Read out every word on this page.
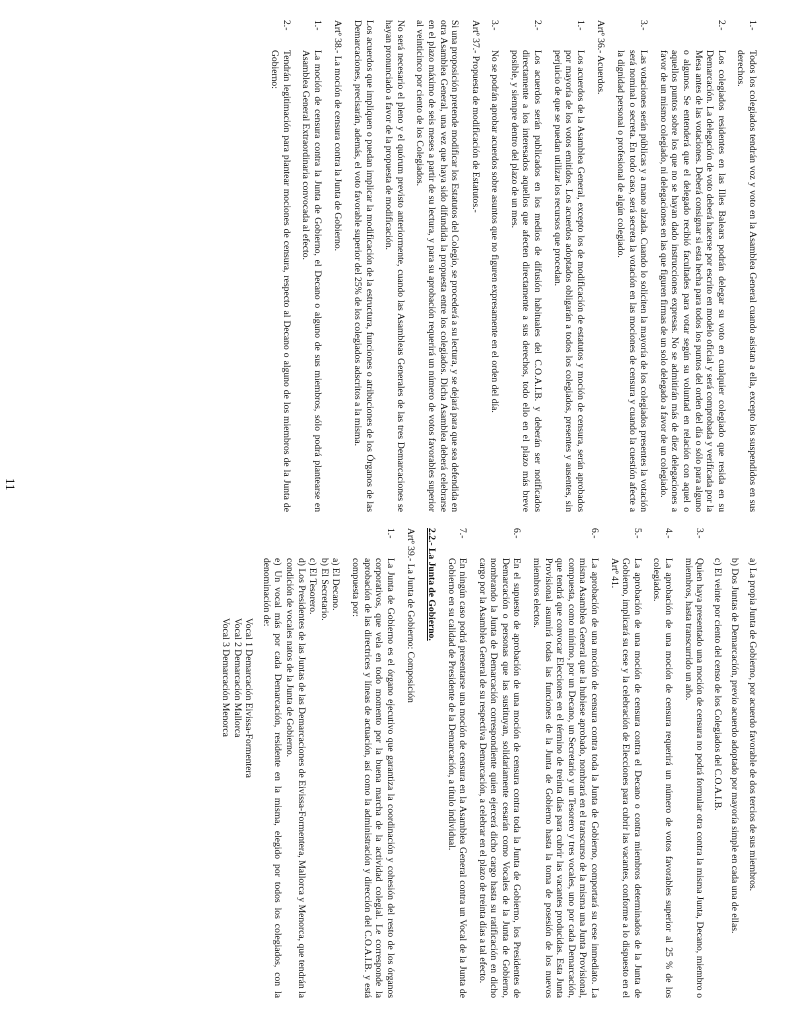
1.-
Todos los colegiados tendrán voz y voto en la Asamblea General cuando asistan a ella, excepto los suspendidos en sus derechos.
2.-
Los colegiados residentes en las Illes Balears podrán delegar su voto en cualquier colegiado que resida en su Demarcación. La delegación de voto deberá hacerse por escrito en modelo oficial y será comprobada y verificada por la Mesa antes de las votaciones. Deberá consignar si esta hecha para todos los puntos del orden del día o sólo para alguno o algunos. Se entenderá que el delegado recibió facultades para votar según su voluntad en relación con aquel o aquellos puntos sobre los que no se hayan dado instrucciones expresas. No se admitirán más de diez delegaciones a favor de un mismo colegiado, ni delegaciones en las que figuren firmas de un solo delegado a favor de un colegiado.
3.-
Las votaciones serán públicas y a mano alzada. Cuando lo soliciten la mayoría de los colegiados presentes la votación será nominal o secreta. En todo caso, será secreta la votación en las mociones de censura y cuando la cuestión afecte a la dignidad personal o profesional de algún colegiado.
Artº 36.- Acuerdos.
1.-
Los acuerdos de la Asamblea General, excepto los de modificación de estatutos y moción de censura, serán aprobados por mayoría de los votos emitidos. Los acuerdos adoptados obligarán a todos los colegiados, presentes y ausentes, sin perjuicio de que se puedan utilizar los recursos que procedan.
2.-
Los acuerdos serán publicados en los medios de difusión habituales del C.O.A.I.B. y deberán ser notificados directamente a los interesados aquellos que afecten directamente a sus derechos, todo ello en el plazo más breve posible, y siempre dentro del plazo de un mes.
3.-
No se podrán aprobar acuerdos sobre asuntos que no figuren expresamente en el orden del día.
Artº 37.- Propuesta de modificación de Estatutos.-
Si una proposición pretende modificar los Estatutos del Colegio, se procederá a su lectura, y se dejará para que sea defendida en otra Asamblea General, una vez que haya sido difundida la propuesta entre los colegiados. Dicha Asamblea deberá celebrarse en el plazo máximo de seis meses a partir de su lectura, y para su aprobación requerirá un número de votos favorables superior al veinticinco por ciento de los Colegiados.
No será necesario el pleno y el quórum previsto anteriormente, cuando las Asambleas Generales de las tres Demarcaciones se hayan pronunciado a favor de la propuesta de modificación.
Los acuerdos que impliquen o puedan implicar la modificación de la estructura, funciones o atribuciones de los Órganos de las Demarcaciones, precisarán, además, el voto favorable superior del 25% de los colegiados adscritos a la misma.
Artº 38.- La moción de censura contra la Junta de Gobierno.
1.-
La moción de censura contra la Junta de Gobierno, el Decano o alguno de sus miembros, sólo podrá plantearse en Asamblea General Extraordinaria convocada al efecto.
2.-
Tendrán legitimación para plantear mociones de censura, respecto al Decano o alguno de los miembros de la Junta de Gobierno:
a) La propia Junta de Gobierno, por acuerdo favorable de dos tercios de sus miembros.
b) Dos Juntas de Demarcación, previo acuerdo adoptado por mayoría simple en cada una de ellas.
c) El veinte por ciento del censo de los Colegiados del C.O.A.I.B.
3.-
Quien haya presentado una moción de censura no podrá formular otra contra la misma Junta, Decano, miembro o miembros, hasta transcurrido un año.
4.-
La aprobación de una moción de censura requerirá un número de votos favorables superior al 25 % de los colegiados.
5.-
La aprobación de una moción de censura contra el Decano o contra miembros determinados de la Junta de Gobierno, implicará su cese y la celebración de Elecciones para cubrir las vacantes, conforme a lo dispuesto en el Artº 41.
6.-
La aprobación de una moción de censura contra toda la Junta de Gobierno, comportará su cese inmediato. La misma Asamblea General que la hubiese aprobado, nombrará en el transcurso de la misma una Junta Provisional, compuesta, como mínimo, por un Decano, un Secretario y un Tesorero y tres vocales, uno por cada Demarcación, que tendrá que convocar Elecciones en el término de treinta días para cubrir las vacantes producidas. Esta Junta Provisional asumirá todas las funciones de la Junta de Gobierno hasta la toma de posesión de los nuevos miembros electos.
6.-
En el supuesto de aprobación de una moción de censura contra toda la Junta de Gobierno, los Presidentes de Demarcación o personas que las sustituyan, solidariamente cesarán como Vocales de la Junta de Gobierno, nombrando la Junta de Demarcación correspondiente quien ejercerá dicho cargo hasta su ratificación en dicho cargo por la Asamblea General de su respectiva Demarcación, a celebrar en el plazo de treinta días a tal efecto.
7.-
En ningún caso podrá presentarse una moción de censura en la Asamblea General contra un Vocal de la Junta de Gobierno en su calidad de Presidente de la Demarcación, a título individual.
2.2.- La Junta de Gobierno.
Artº 39.- La Junta de Gobierno: Composición
1.-
La Junta de Gobierno es el órgano ejecutivo que garantiza la coordinación y cohesión del resto de los órganos corporativos, que vela en todo momento por la buena marcha de la actividad colegial. Le corresponde la aprobación de las directrices y líneas de actuación, así como la administración y dirección del C.O.A.I.B. y está compuesta por:
a) El Decano.
b) El Secretario.
c) El Tesorero.
d) Los Presidentes de las Juntas de las Demarcaciones de Eivissa-Formentera, Mallorca y Menorca, que tendrán la condición de vocales natos de la Junta de Gobierno.
e) Un vocal más por cada Demarcación, residente en la misma, elegido por todos los colegiados, con la denominación de:
Vocal 1 Demarcación Eivissa-Formentera
Vocal 2 Demarcación Mallorca
Vocal 3 Demarcación Menorca
11
